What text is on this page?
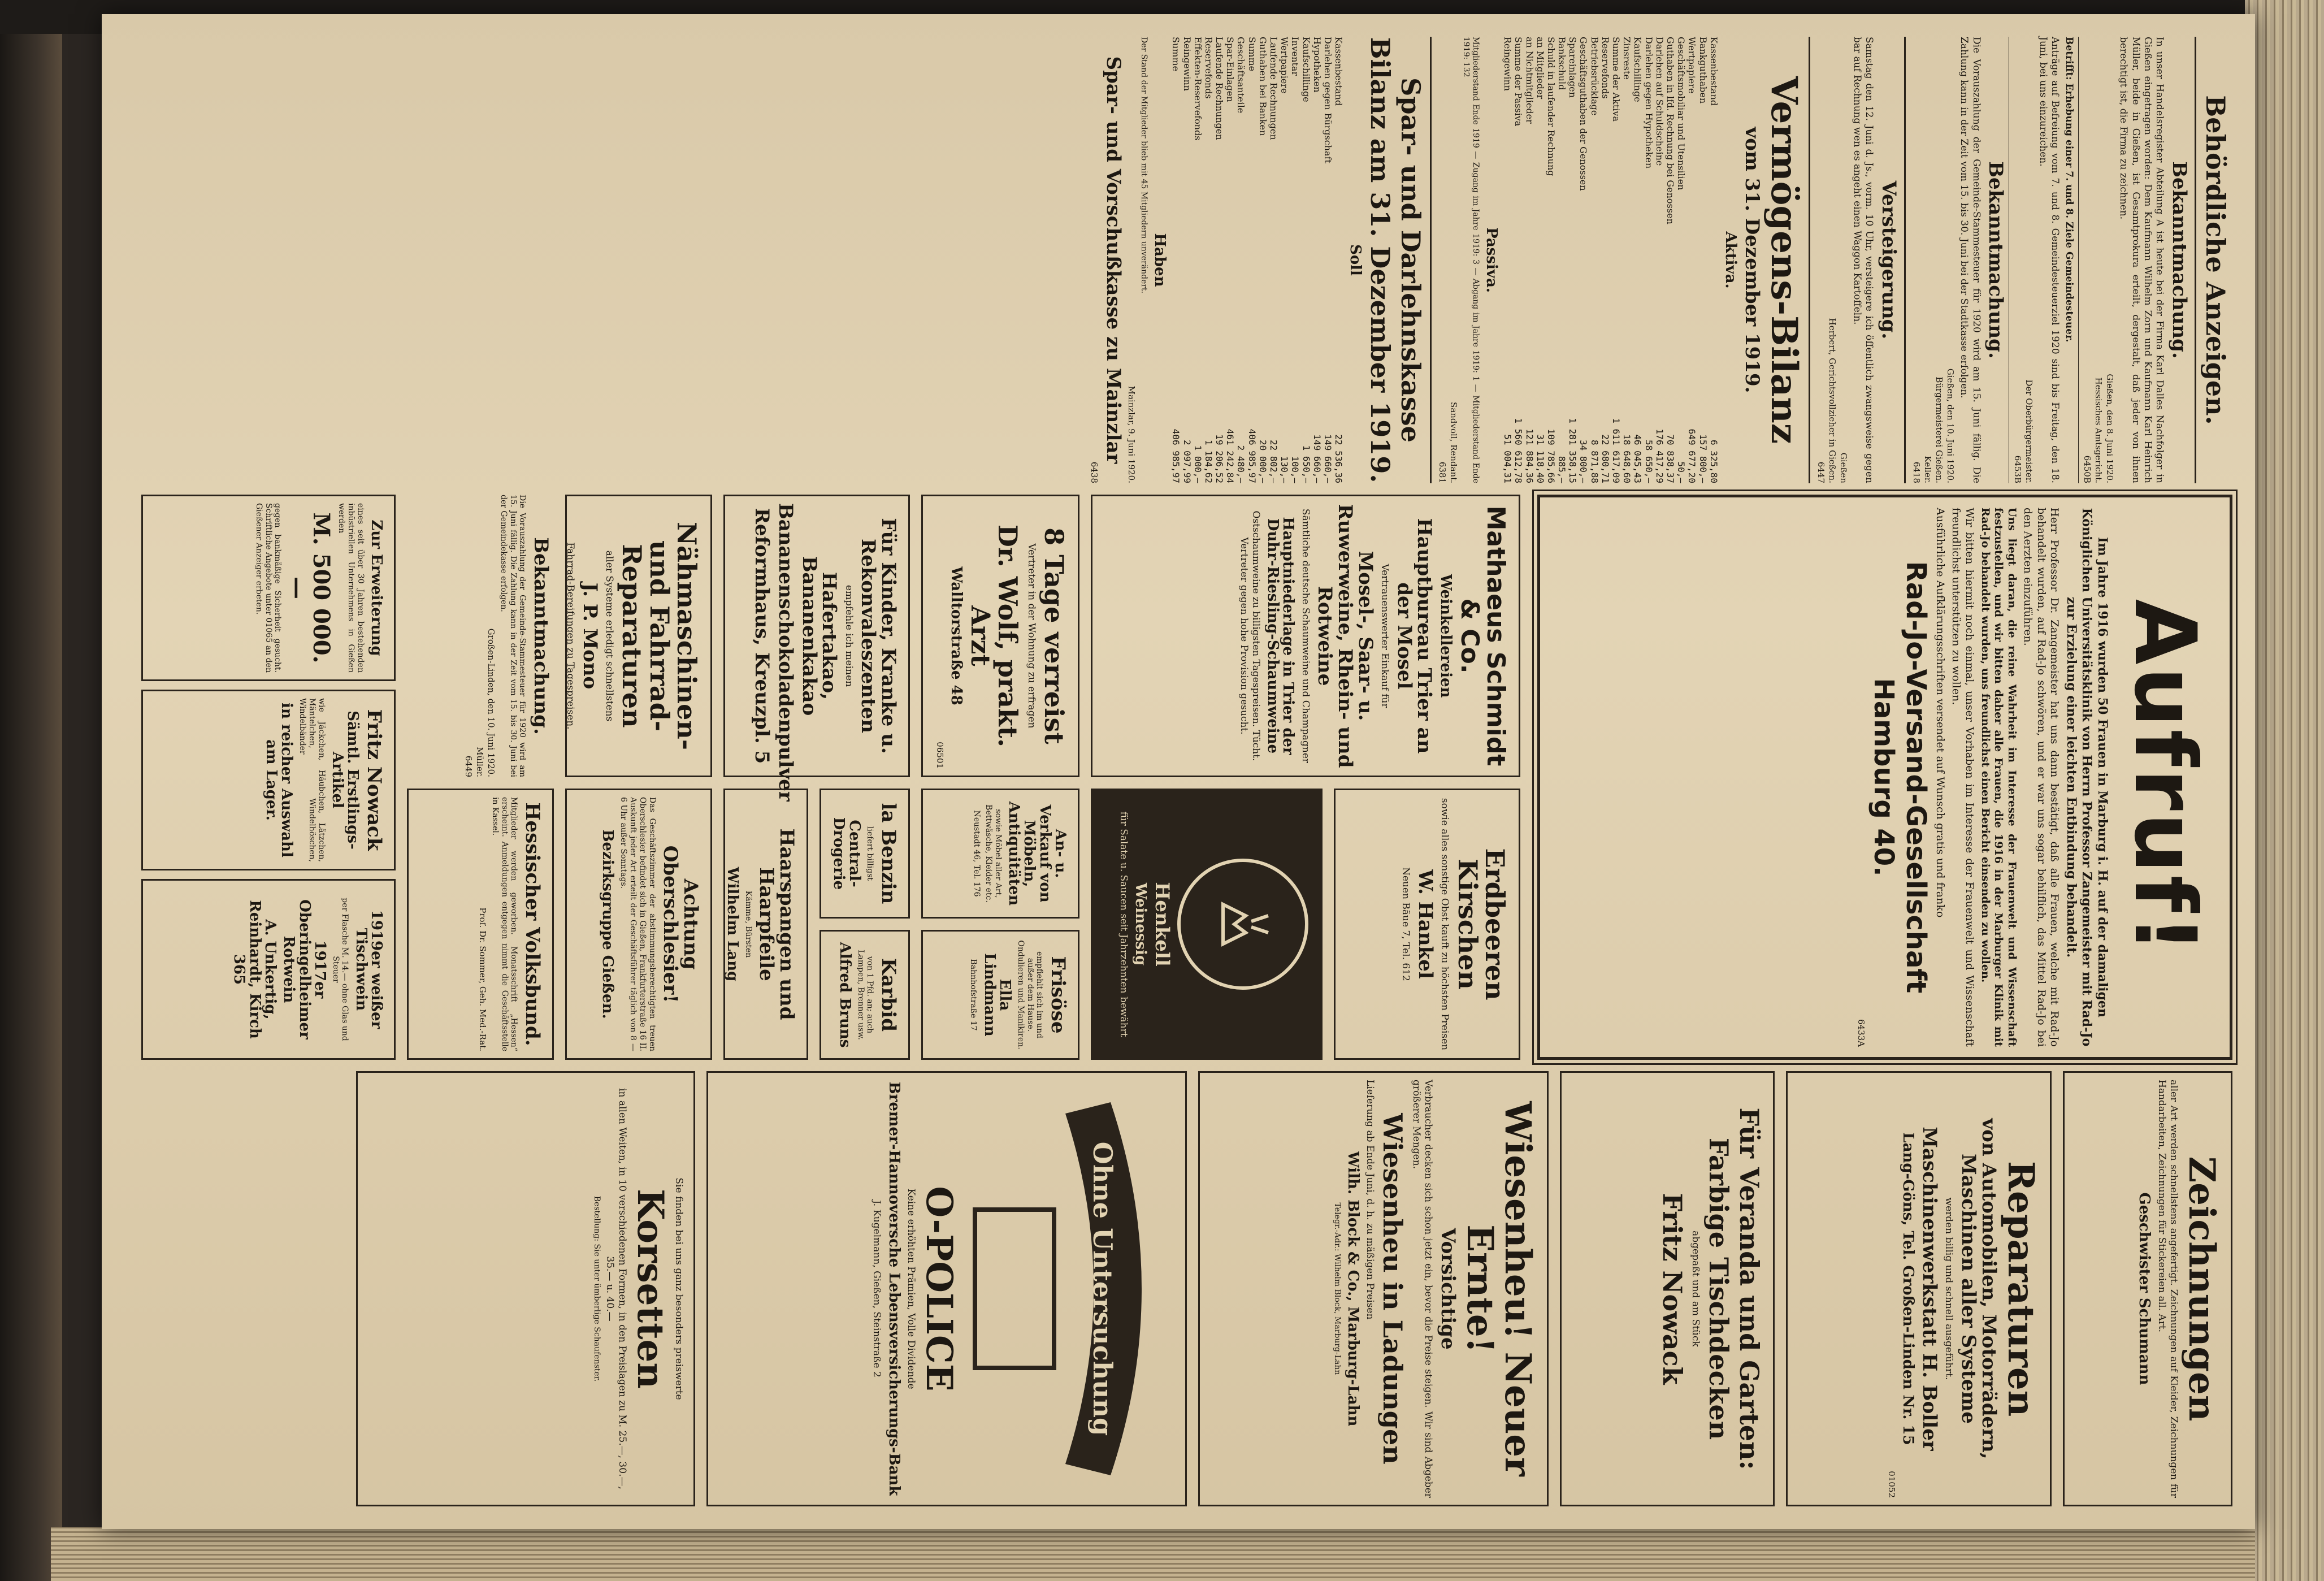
Behördliche Anzeigen.
Bekanntmachung.
In unser Handelsregister Abteilung A ist heute bei der Firma Karl Dalles Nachfolger in Gießen eingetragen worden: Dem Kaufmann Wilhelm Zorn und Kaufmann Karl Heinrich Müller, beide in Gießen, ist Gesamtprokura erteilt, dergestalt, daß jeder von ihnen berechtigt ist, die Firma zu zeichnen.
Gießen, den 8. Juni 1920.
Hessisches Amtsgericht.
6450B
Betrifft: Erhebung einer 7. und 8. Ziele Gemeindesteuer.
Anträge auf Befreiung vom 7. und 8. Gemeindesteuerziel 1920 sind bis Freitag, den 18. Juni, bei uns einzureichen.
Der Oberbürgermeister.
6453B
Bekanntmachung.
Die Vorauszahlung der Gemeinde-Stammesteuer für 1920 wird am 15. Juni fällig. Die Zahlung kann in der Zeit vom 15. bis 30. Juni bei der Stadtkasse erfolgen.
Gießen, den 10. Juni 1920.
Bürgermeisterei Gießen.
Keller.
6418
Versteigerung.
Samstag den 12. Juni d. Js., vorm. 10 Uhr, versteigere ich öffentlich zwangsweise gegen bar auf Rechnung wen es angeht einen Waggon Kartoffeln.
Gießen
Herbert, Gerichtsvollzieher in Gießen.
6447
Vermögens-Bilanz
vom 31. Dezember 1919.
Aktiva.
Kassenbestand
6 325,80
Bankguthaben
157 800,—
Wertpapiere
649 677,20
Geschäftsmobiliar und Utensilien
50,—
Guthaben in lfd. Rechnung bei Genossen
70 838,37
Darlehen auf Schuldscheine
176 417,29
Darlehen gegen Hypotheken
58 650,—
Kaufschillinge
46 045,43
Zinsreste
18 648,60
Summe der Aktiva
1 611 617,09
Reservefonds
22 680,71
Betriebsrücklage
8 871,88
Geschäftsguthaben der Genossen
34 800,—
Spareinlagen
1 281 358,15
Bankschuld
885,—
Schuld in laufender Rechnung
109 785,66
an Mitglieder
31 118,40
an Nichtmitglieder
121 884,36
Summe der Passiva
1 560 612,78
Reingewinn
51 004,31
Passiva.
Mitgliederstand Ende 1919 — Zugang im Jahre 1919: 3 — Abgang im Jahre 1919: 1 — Mitgliederstand Ende 1919: 132
Sandvoll, Rendant.
6381
Spar- und Darlehnskasse
Bilanz am 31. Dezember 1919.
Soll
Kassenbestand
22 536,36
Darlehen gegen Bürgschaft
149 660,—
Hypotheken
149 660,—
Kaufschillinge
1 650,—
Inventar
100,—
Wertpapiere
130,—
Laufende Rechnungen
22 802,—
Guthaben bei Banken
20 000,—
Summe
406 985,97
Geschäftsanteile
2 480,—
Spar-Einlagen
461 242,84
Laufende Rechnungen
19 206,52
Reservefonds
1 184,62
Effekten-Reservefonds
1 000,—
Reingewinn
2 097,99
Summe
406 985,97
Haben
Der Stand der Mitglieder blieb mit 45 Mitgliedern unverändert.
Mainzlar, 9. Juni 1920.
Spar- und Vorschußkasse zu Mainzlar
6438
Aufruf!
Im Jahre 1916 wurden 50 Frauen in Marburg i. H. auf der damaligen Königlichen Universitätsklinik von Herrn Professor Zangemeister mit Rad-Jo zur Erzielung einer leichten Entbindung behandelt.
Herr Professor Dr. Zangemeister hat uns dann bestätigt, daß alle Frauen, welche mit Rad-Jo behandelt wurden, auf Rad-Jo schwören, und er war uns sogar behilflich, das Mittel Rad-Jo bei den Aerzten einzuführen.
Uns liegt daran, die reine Wahrheit im Interesse der Frauenwelt und Wissenschaft festzustellen, und wir bitten daher alle Frauen, die 1916 in der Marburger Klinik mit Rad-Jo behandelt wurden, uns freundlichst einen Bericht einsenden zu wollen.
Wir bitten hiermit noch einmal, unser Vorhaben im Interesse der Frauenwelt und Wissenschaft freundlichst unterstützen zu wollen.
Ausführliche Aufklärungsschriften versendet auf Wunsch gratis und franko
Rad-Jo-Versand-Gesellschaft
Hamburg 40.
6433A
Mathaeus Schmidt & Co.
Weinkellereien
Hauptbureau Trier an der Mosel
Vertrauenswerter Einkauf für
Mosel-, Saar- u. Ruwerweine, Rhein- und Rotweine
Sämtliche deutsche Schaumweine und Champagner
Hauptniederlage in Trier der Duhr-Riesling-Schaumweine
Ostschaumweine zu billigsten Tagespreisen. Tücht. Vertreter gegen hohe Provision gesucht.
Erdbeeren Kirschen
sowie alles sonstige Obst kauft zu höchsten Preisen
W. Hankel
Neuen Bäue 7, Tel. 612
Henkell
Weinessig
für Salate u. Saucen seit Jahrzehnten bewährt
8 Tage verreist
Vertreter in der Wohnung zu erfragen
Dr. Wolf, prakt. Arzt
Walltorstraße 48
06501
An- u. Verkauf von Möbeln, Antiquitäten
sowie Möbel aller Art, Bettwäsche, Kleider etc.
Neustadt 46, Tel. 176
Frisöse
empfiehlt sich im und außer dem Hause. Ondulieren und Manikiren.
Ella Lindmann
Bahnhofstraße 17
Für Kinder, Kranke u. Rekonvaleszenten
empfehle ich meinen
Hafertakao, Bananenkakao
Bananenschokoladenpulver
Reformhaus, Kreuzpl. 5
la Benzin
liefert billigst
Central-Drogerie
Karbid
von 1 Pfd. an; auch Lampen, Brenner usw.
Alfred Bruns
Haarspangen und Haarpfeile
Kämme, Bürsten
Wilhelm Lang
Nähmaschinen- und Fahrrad-Reparaturen
aller Systeme erledigt schnellstens
J. P. Mono
Fahrrad-Bereifungen zu Tagespreisen.
Achtung Oberschlesier!
Das Geschäftszimmer der abstimmungsberechtigten treuen Oberschlesier befindet sich in Gießen, Frankfurterstraße 16 II. Auskunft jeder Art erteilt der Geschäftsführer täglich von 8 — 6 Uhr außer Sonntags.
Bezirksgruppe Gießen.
Bekanntmachung.
Die Vorauszahlung der Gemeinde-Stammesteuer für 1920 wird am 15. Juni fällig. Die Zahlung kann in der Zeit vom 15. bis 30. Juni bei der Gemeindekasse erfolgen.
Großen-Linden, den 10. Juni 1920.
Müller.
6449
Hessischer Volksbund.
Mitglieder werden geworben. Monatsschrift „Hessen“ erscheint. Anmeldungen entgegen nimmt die Geschäftsstelle in Kassel.
Prof. Dr. Sommer, Geh. Med.-Rat.
Zur Erweiterung
eines seit über 30 Jahren bestehenden inbüstriellen Unternehmens in Gießen werden
M. 500 000.—
gegen bankmäßige Sicherheit gesucht. Schriftliche Angebote unter 01065 an den Gießener Anzeiger erbeten.
Fritz Nowack
Sämtl. Erstlings-Artikel
wie Jäckchen, Häubchen, Lätzchen, Mäntelchen, Windelhöschen, Windelbänder
in reicher Auswahl am Lager.
1919er weißer Tischwein
per Flasche M. 14.— ohne Glas und Steuer
1917er Oberingelheimer Rotwein
A. Unkertig, Reinhardt, Kirch 365
Zeichnungen
aller Art werden schnellstens angefertigt. Zeichnungen auf Kleider, Zeichnungen für Handarbeiten, Zeichnungen für Stickereien all. Art.
Geschwister Schumann
Reparaturen
von Automobilen, Motorrädern, Maschinen aller Systeme
werden billig und schnell ausgeführt.
Maschinenwerkstatt H. Boller
Lang-Göns, Tel. Großen-Linden Nr. 15
01052
Für Veranda und Garten:
Farbige Tischdecken
abgepaßt und am Stück
Fritz Nowack
Wiesenheu! Neuer Ernte!
Vorsichtige
Verbraucher decken sich schon jetzt ein, bevor die Preise steigen. Wir sind Abgeber größerer Mengen.
Wiesenheu in Ladungen
Lieferung ab Ende Juni, d. h. zu mäßigen Preisen
Wilh. Block & Co., Marburg-Lahn
Telegr.-Adr.: Wilhelm Block, Marburg-Lahn
Ohne Untersuchung
O-POLICE
Keine erhöhten Prämien, Volle Dividende
Bremer-Hannoversche Lebensversicherungs-Bank
J. Kugelmann, Gießen, Steinstraße 2
Sie finden bei uns ganz besonders preiswerte
Korsetten
in allen Weiten, in 10 verschiedenen Formen, in den Preislagen zu M. 25.—, 30.—, 35.— u. 40.—
Bestellung: Sie unter ümberlige Schaufenster.
